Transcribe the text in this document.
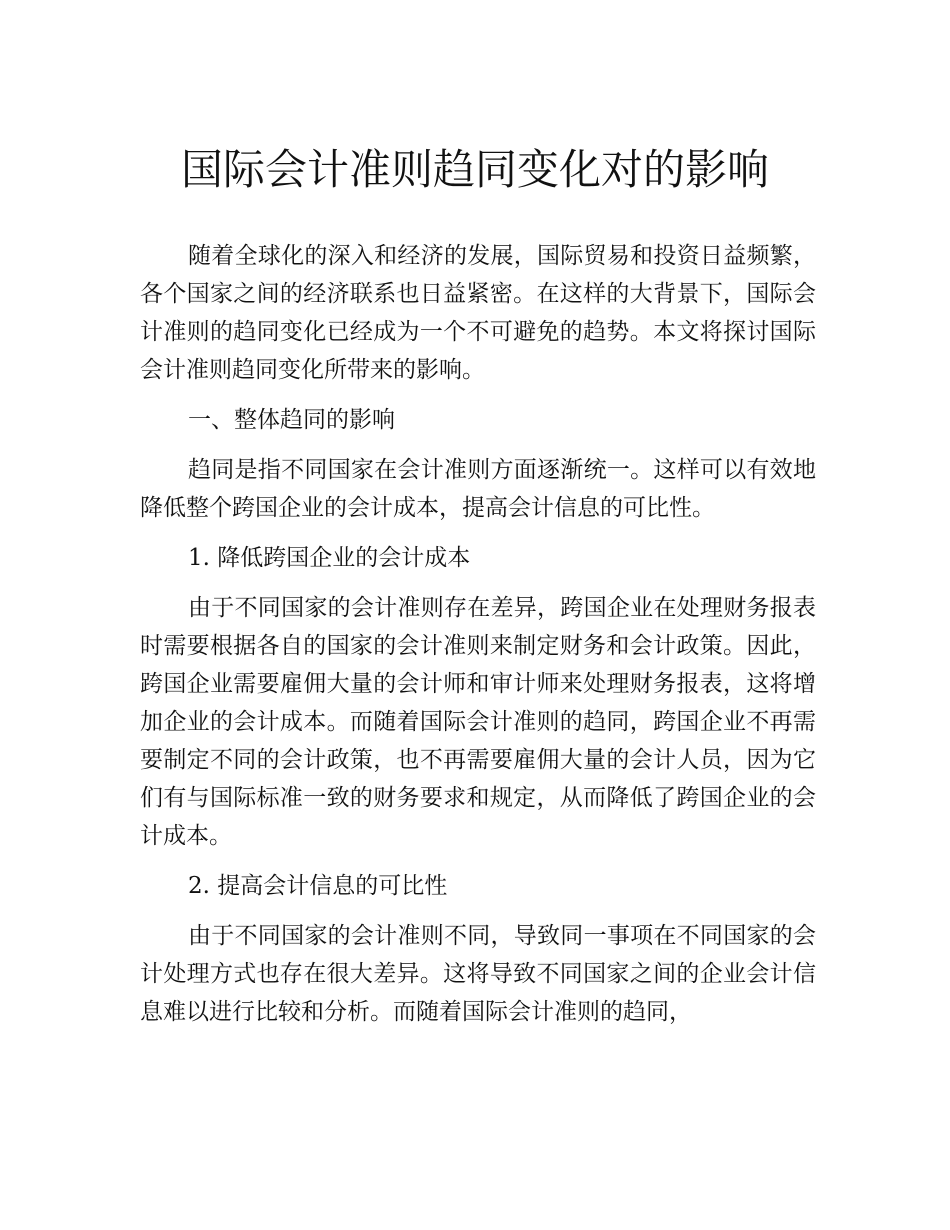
国际会计准则趋同变化对的影响

随着全球化的深入和经济的发展，国际贸易和投资日益频繁，各个国家之间的经济联系也日益紧密。在这样的大背景下，国际会计准则的趋同变化已经成为一个不可避免的趋势。本文将探讨国际会计准则趋同变化所带来的影响。

一、整体趋同的影响

趋同是指不同国家在会计准则方面逐渐统一。这样可以有效地降低整个跨国企业的会计成本，提高会计信息的可比性。

1. 降低跨国企业的会计成本

由于不同国家的会计准则存在差异，跨国企业在处理财务报表时需要根据各自的国家的会计准则来制定财务和会计政策。因此，跨国企业需要雇佣大量的会计师和审计师来处理财务报表，这将增加企业的会计成本。而随着国际会计准则的趋同，跨国企业不再需要制定不同的会计政策，也不再需要雇佣大量的会计人员，因为它们有与国际标准一致的财务要求和规定，从而降低了跨国企业的会计成本。

2. 提高会计信息的可比性

由于不同国家的会计准则不同，导致同一事项在不同国家的会计处理方式也存在很大差异。这将导致不同国家之间的企业会计信息难以进行比较和分析。而随着国际会计准则的趋同，
